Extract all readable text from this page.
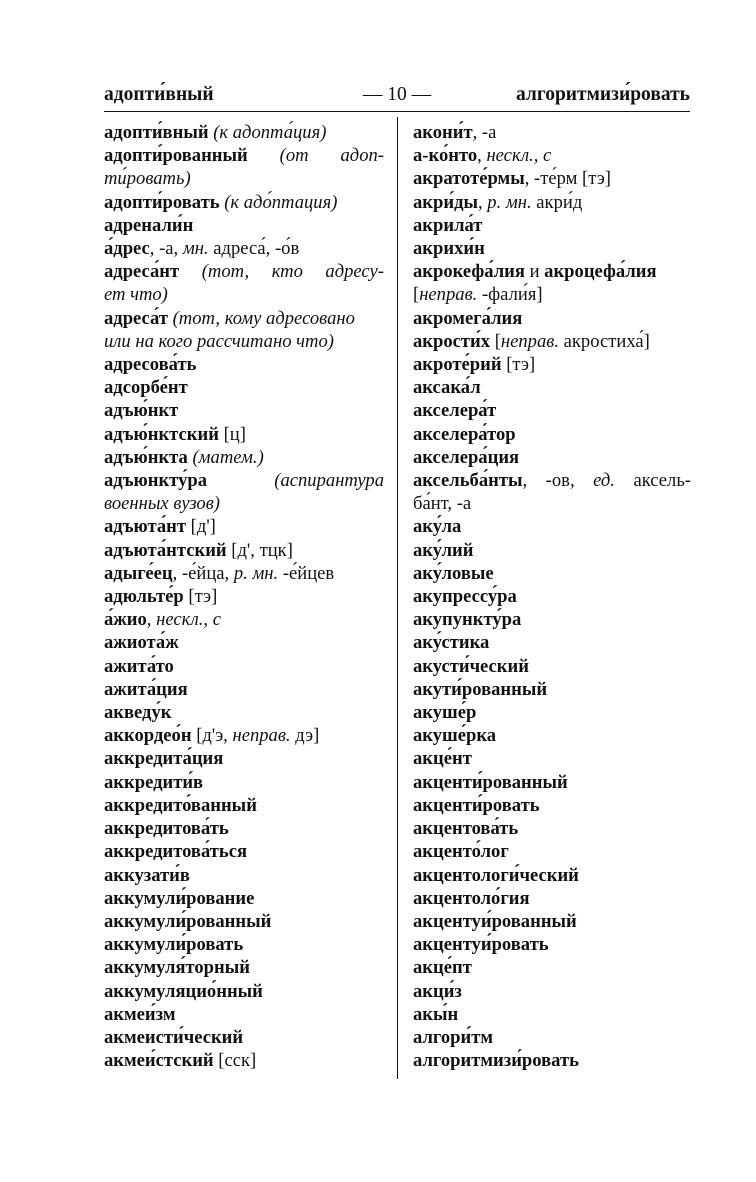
— 10 —
адопти́вный	алгоритмизи́ровать
адопти́вный (к адопта́ция)
адопти́рованный (от адоп-
ти́ровать)
адопти́ровать (к адо́птация)
адренали́н
а́дрес, -а, мн. адреса́, -о́в
адреса́нт (тот, кто адресу-
ет что)
адреса́т (тот, кому адресовано
или на кого рассчитано что)
адресова́ть
адсорбе́нт
адъю́нкт
адъю́нктский [ц]
адъю́нкта (матем.)
адъюнкту́ра (аспирантура
военных вузов)
адъюта́нт [д']
адъюта́нтский [д', тцк]
адыге́ец, -е́йца, р. мн. -е́йцев
адюльте́р [тэ]
а́жио, нескл., с
ажиота́ж
ажита́то
ажита́ция
акведу́к
аккордео́н [д'э, неправ. дэ]
аккредита́ция
аккредити́в
аккредито́ванный
аккредитова́ть
аккредитова́ться
аккузати́в
аккумули́рование
аккумули́рованный
аккумули́ровать
аккумуля́торный
аккумуляцио́нный
акмеи́зм
акмеисти́ческий
акмеи́стский [сск]
акони́т, -а
а-ко́нто, нескл., с
акратоте́рмы, -те́рм [тэ]
акри́ды, р. мн. акри́д
акрила́т
акрихи́н
акрокефа́лия и акроцефа́лия
[неправ. -фали́я]
акромега́лия
акрости́х [неправ. акростиха́]
акроте́рий [тэ]
аксака́л
акселера́т
акселера́тор
акселера́ция
аксельба́нты, -ов, ед. аксель-
ба́нт, -а
аку́ла
аку́лий
аку́ловые
акупрессу́ра
акупункту́ра
аку́стика
акусти́ческий
акути́рованный
акуше́р
акуше́рка
акце́нт
акценти́рованный
акценти́ровать
акцентова́ть
акценто́лог
акцентологи́ческий
акцентоло́гия
акцентуи́рованный
акцентуи́ровать
акце́пт
акци́з
акы́н
алгори́тм
алгоритмизи́ровать
